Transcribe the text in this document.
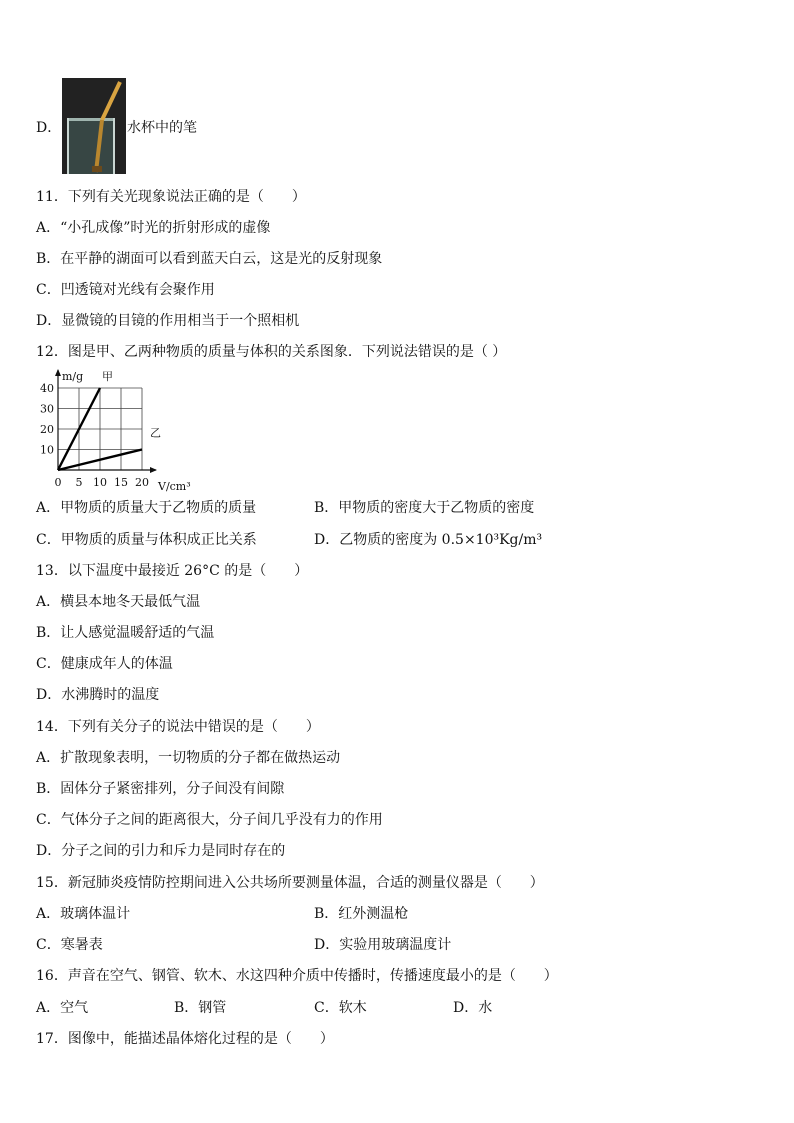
D．	水杯中的笔
11．下列有关光现象说法正确的是（　　）
A．“小孔成像”时光的折射形成的虚像
B．在平静的湖面可以看到蓝天白云，这是光的反射现象
C．凹透镜对光线有会聚作用
D．显微镜的目镜的作用相当于一个照相机
12．图是甲、乙两种物质的质量与体积的关系图象．下列说法错误的是（ ）
0 5 10 15 20
10
20
30
40
m/g
V/cm³
甲
乙
A．甲物质的质量大于乙物质的质量	B．甲物质的密度大于乙物质的密度
C．甲物质的质量与体积成正比关系	D．乙物质的密度为 0.5×10³Kg/m³
13．以下温度中最接近 26°C 的是（　　）
A．横县本地冬天最低气温
B．让人感觉温暖舒适的气温
C．健康成年人的体温
D．水沸腾时的温度
14．下列有关分子的说法中错误的是（　　）
A．扩散现象表明，一切物质的分子都在做热运动
B．固体分子紧密排列，分子间没有间隙
C．气体分子之间的距离很大，分子间几乎没有力的作用
D．分子之间的引力和斥力是同时存在的
15．新冠肺炎疫情防控期间进入公共场所要测量体温，合适的测量仪器是（　　）
A．玻璃体温计	B．红外测温枪
C．寒暑表	D．实验用玻璃温度计
16．声音在空气、钢管、软木、水这四种介质中传播时，传播速度最小的是（　　）
A．空气	B．钢管	C．软木	D．水
17．图像中，能描述晶体熔化过程的是（　　）
